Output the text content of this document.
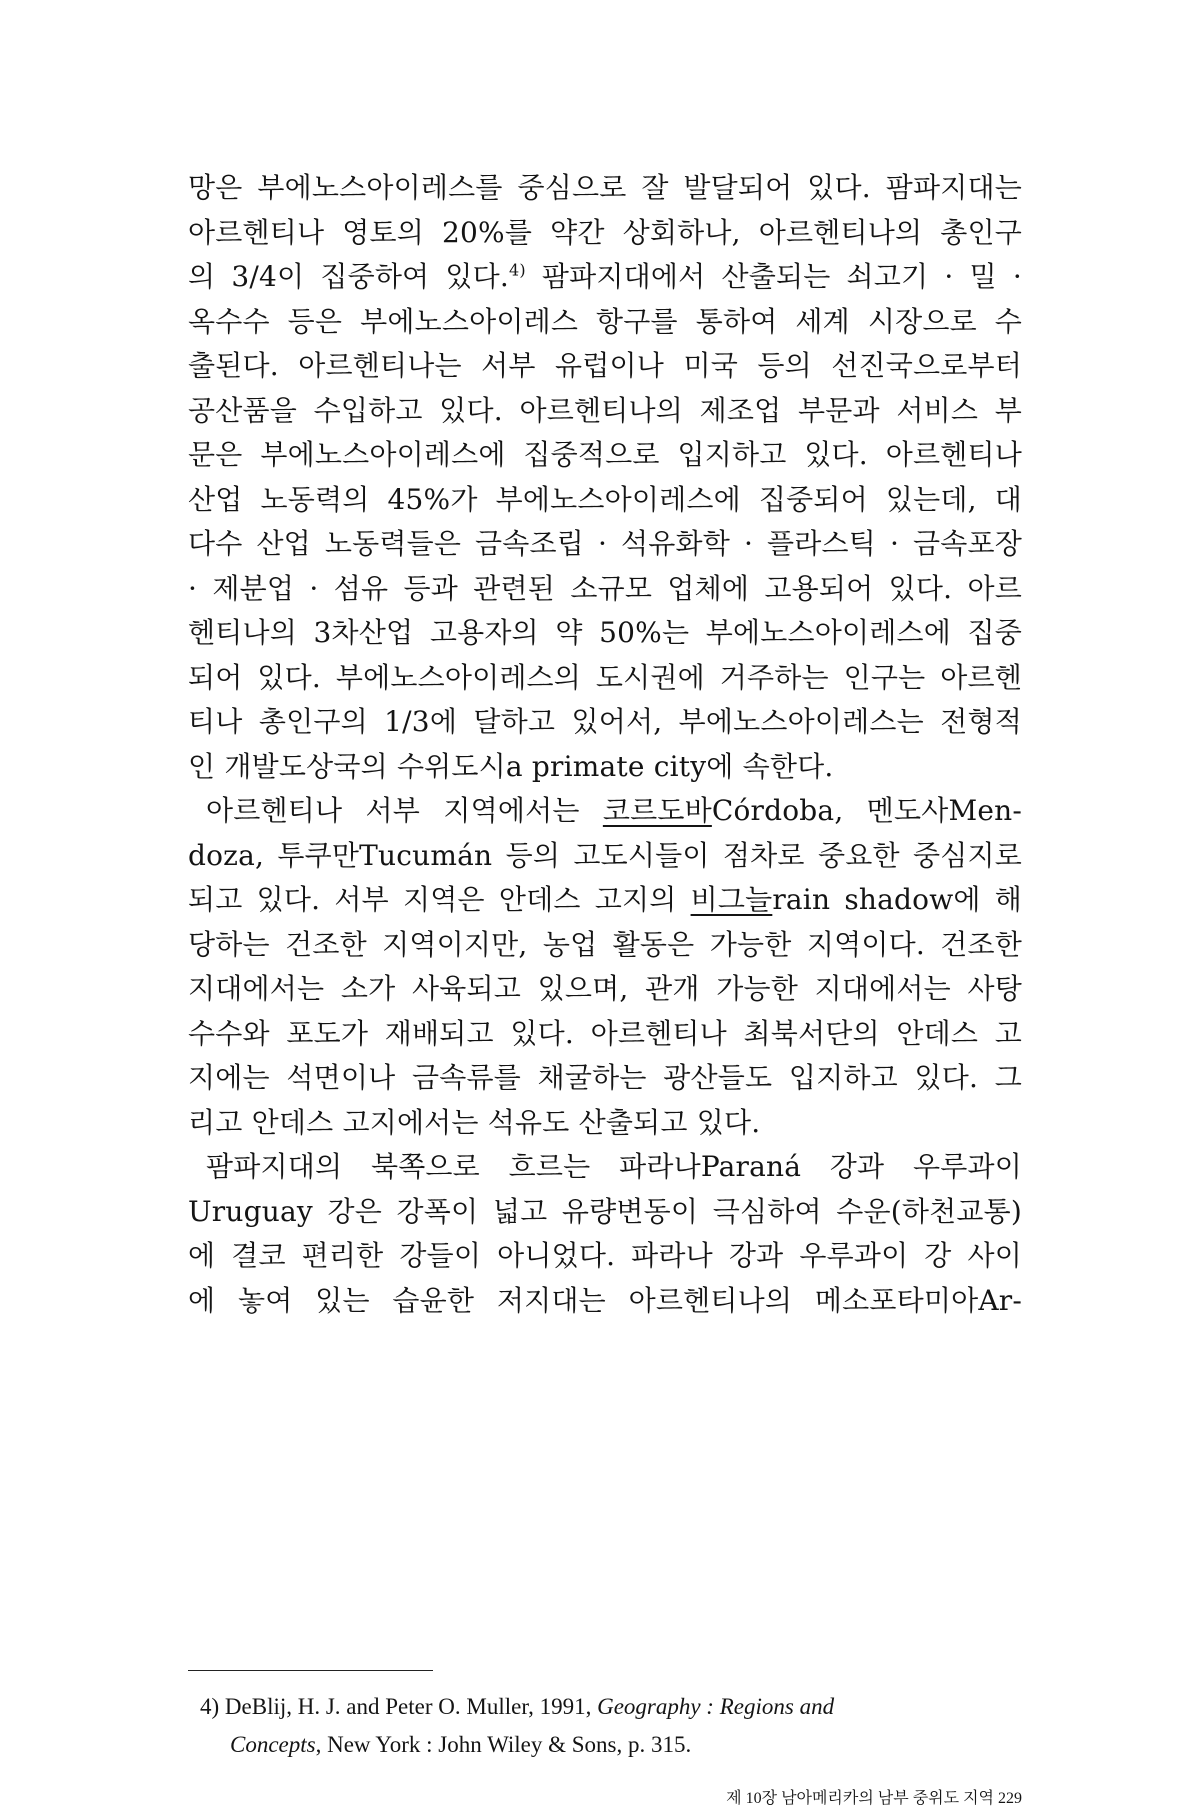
망은 부에노스아이레스를 중심으로 잘 발달되어 있다. 팜파지대는
아르헨티나 영토의 20%를 약간 상회하나, 아르헨티나의 총인구
의 3/4이 집중하여 있다.$^{4)}$ 팜파지대에서 산출되는 쇠고기 · 밀 ·
옥수수 등은 부에노스아이레스 항구를 통하여 세계 시장으로 수
출된다. 아르헨티나는 서부 유럽이나 미국 등의 선진국으로부터
공산품을 수입하고 있다. 아르헨티나의 제조업 부문과 서비스 부
문은 부에노스아이레스에 집중적으로 입지하고 있다. 아르헨티나
산업 노동력의 45%가 부에노스아이레스에 집중되어 있는데, 대
다수 산업 노동력들은 금속조립 · 석유화학 · 플라스틱 · 금속포장
· 제분업 · 섬유 등과 관련된 소규모 업체에 고용되어 있다. 아르
헨티나의 3차산업 고용자의 약 50%는 부에노스아이레스에 집중
되어 있다. 부에노스아이레스의 도시권에 거주하는 인구는 아르헨
티나 총인구의 1/3에 달하고 있어서, 부에노스아이레스는 전형적
인 개발도상국의 수위도시a primate city에 속한다.
아르헨티나 서부 지역에서는 코르도바Córdoba, 멘도사Men-
doza, 투쿠만Tucumán 등의 고도시들이 점차로 중요한 중심지로
되고 있다. 서부 지역은 안데스 고지의 비그늘rain shadow에 해
당하는 건조한 지역이지만, 농업 활동은 가능한 지역이다. 건조한
지대에서는 소가 사육되고 있으며, 관개 가능한 지대에서는 사탕
수수와 포도가 재배되고 있다. 아르헨티나 최북서단의 안데스 고
지에는 석면이나 금속류를 채굴하는 광산들도 입지하고 있다. 그
리고 안데스 고지에서는 석유도 산출되고 있다.
팜파지대의 북쪽으로 흐르는 파라나Paraná 강과 우루과이
Uruguay 강은 강폭이 넓고 유량변동이 극심하여 수운(하천교통)
에 결코 편리한 강들이 아니었다. 파라나 강과 우루과이 강 사이
에 놓여 있는 습윤한 저지대는 아르헨티나의 메소포타미아Ar-
4) DeBlij, H. J. and Peter O. Muller, 1991, Geography : Regions and
Concepts, New York : John Wiley & Sons, p. 315.
제 10장 남아메리카의 남부 중위도 지역 229
